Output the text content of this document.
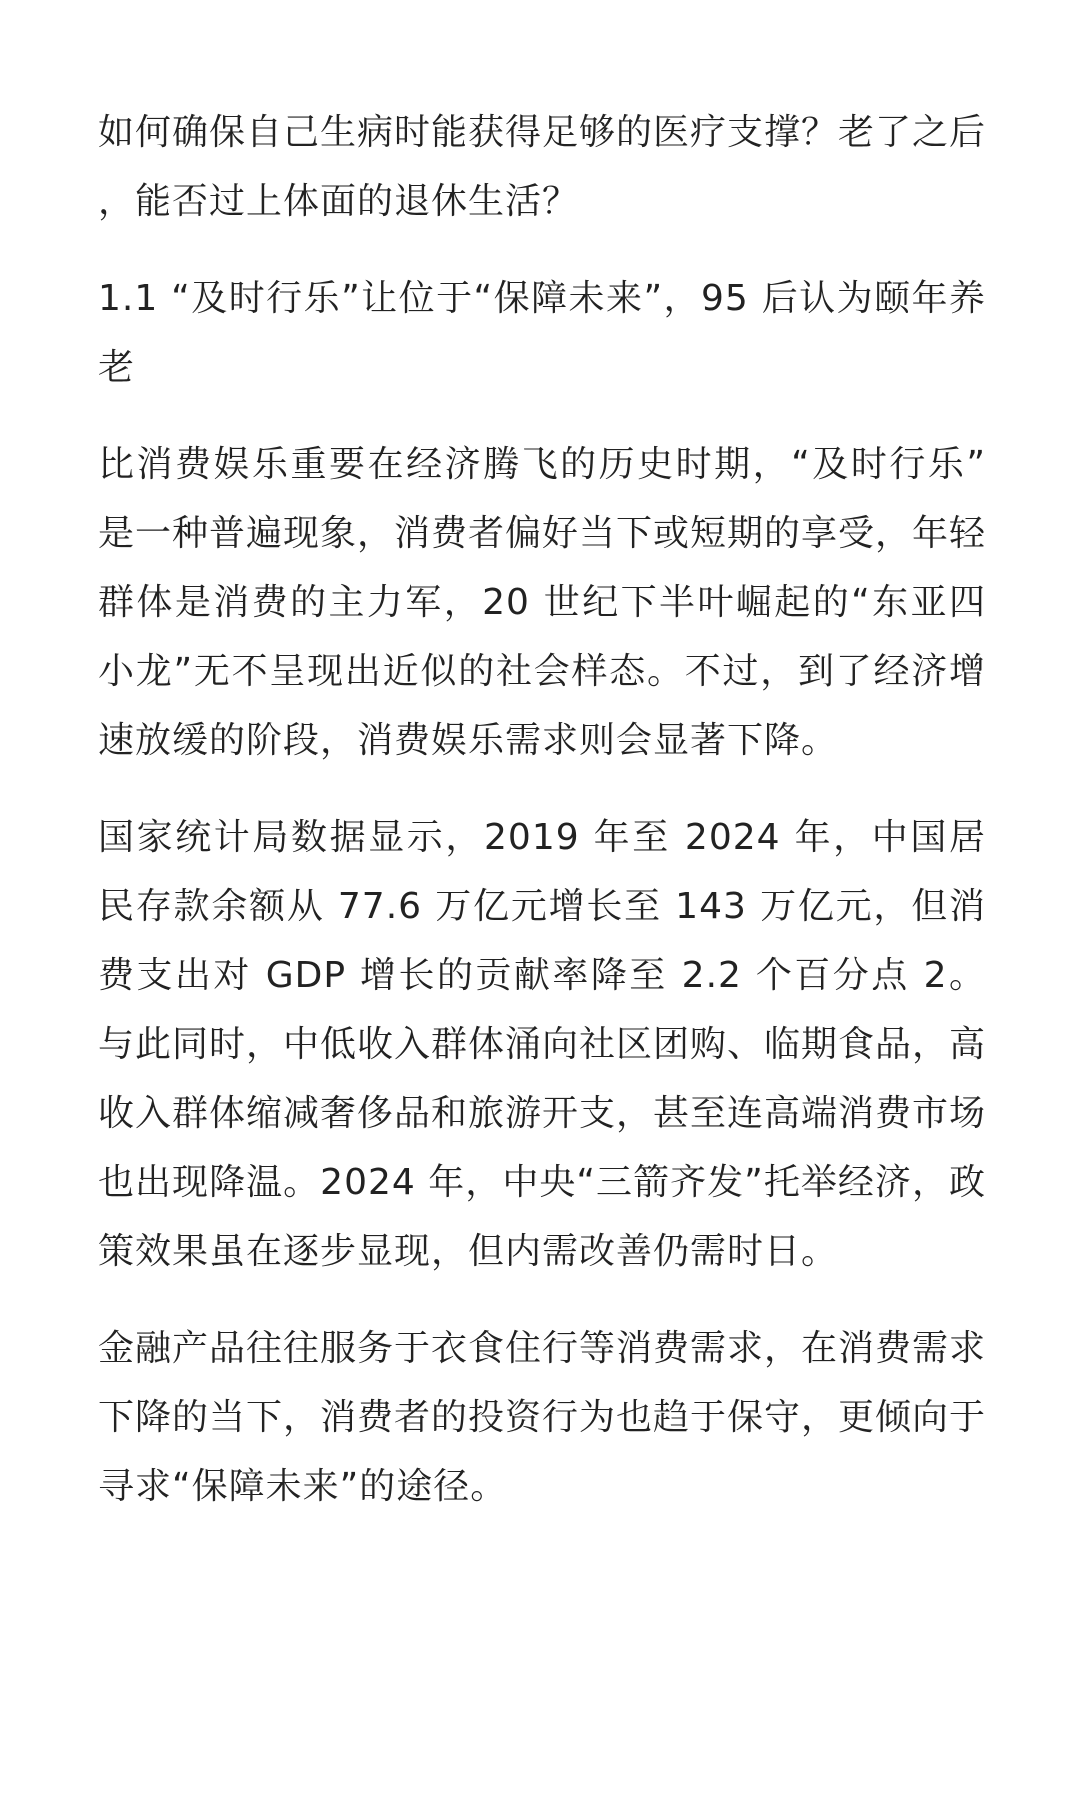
如何确保自己生病时能获得足够的医疗支撑？老了之后，能否过上体面的退休生活？

1.1 “及时行乐”让位于“保障未来”，95 后认为颐年养老

比消费娱乐重要在经济腾飞的历史时期，“及时行乐”是一种普遍现象，消费者偏好当下或短期的享受，年轻群体是消费的主力军，20 世纪下半叶崛起的“东亚四小龙”无不呈现出近似的社会样态。不过，到了经济增速放缓的阶段，消费娱乐需求则会显著下降。

国家统计局数据显示，2019 年至 2024 年，中国居民存款余额从 77.6 万亿元增长至 143 万亿元，但消费支出对 GDP 增长的贡献率降至 2.2 个百分点 2。与此同时，中低收入群体涌向社区团购、临期食品，高收入群体缩减奢侈品和旅游开支，甚至连高端消费市场也出现降温。2024 年，中央“三箭齐发”托举经济，政策效果虽在逐步显现，但内需改善仍需时日。

金融产品往往服务于衣食住行等消费需求，在消费需求下降的当下，消费者的投资行为也趋于保守，更倾向于寻求“保障未来”的途径。
